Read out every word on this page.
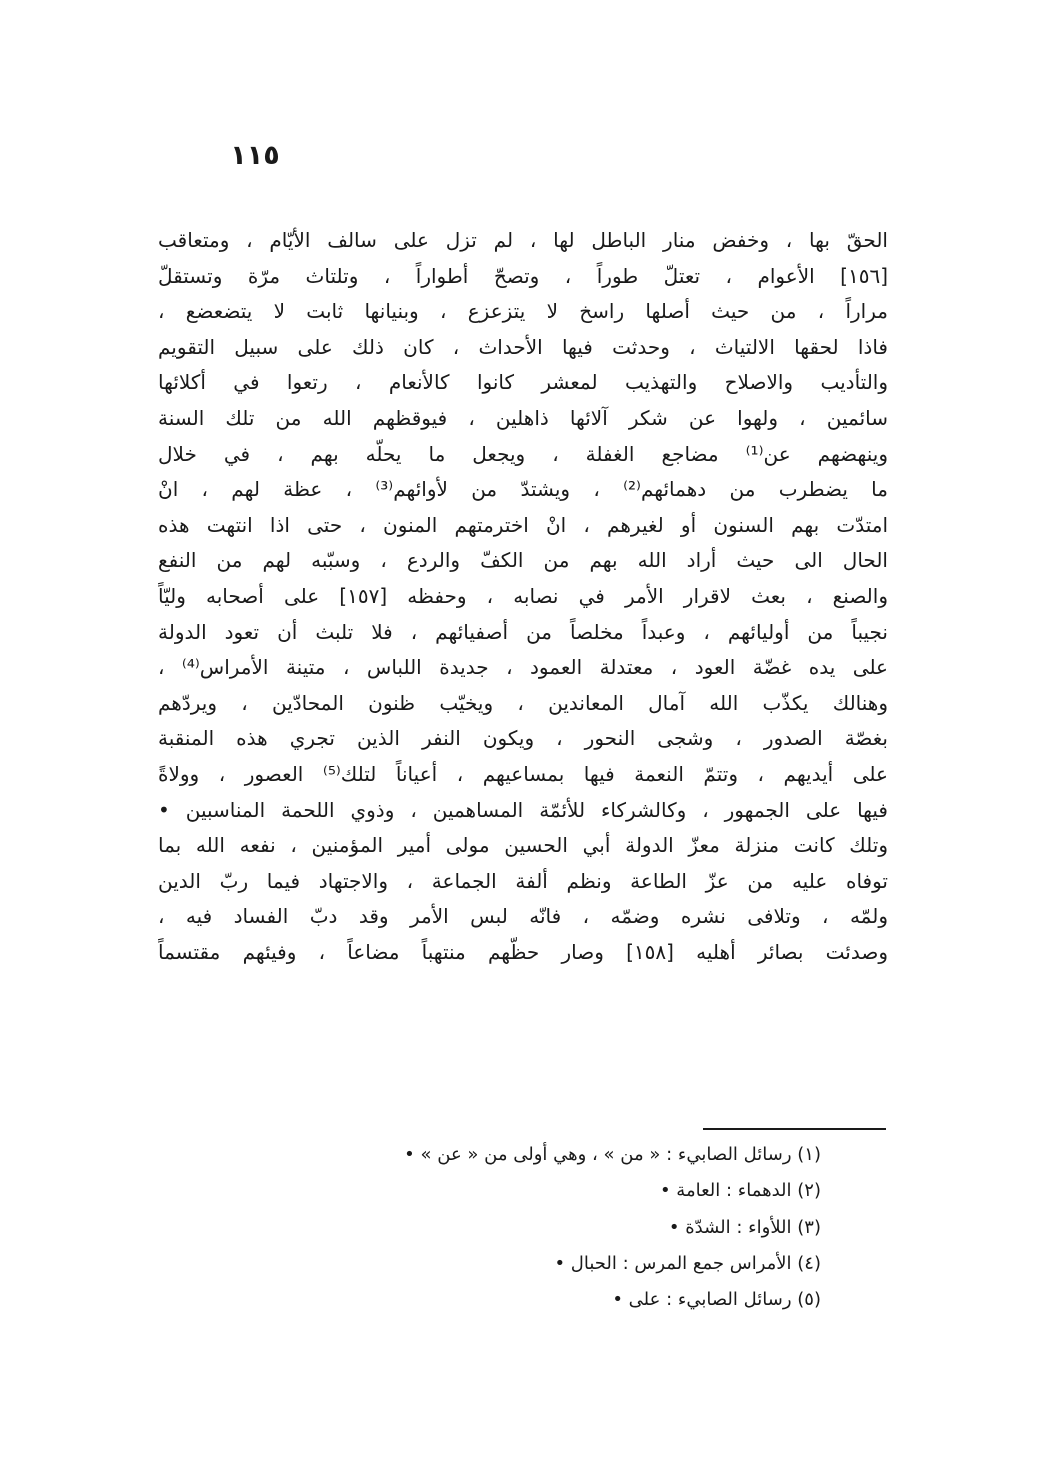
١١٥
الحقّ بها ، وخفض منار الباطل لها ، لم تزل على سالف الأيّام ، ومتعاقب
[١٥٦] الأعوام ، تعتلّ طوراً ، وتصحّ أطواراً ، وتلتاث مرّة وتستقلّ
مراراً ، من حيث أصلها راسخ لا يتزعزع ، وبنيانها ثابت لا يتضعضع ،
فاذا لحقها الالتياث ، وحدثت فيها الأحداث ، كان ذلك على سبيل التقويم
والتأديب والاصلاح والتهذيب لمعشر كانوا كالأنعام ، رتعوا في أكلائها
سائمين ، ولهوا عن شكر آلائها ذاهلين ، فيوقظهم الله من تلك السنة
وينهضهم عن⁽¹⁾ مضاجع الغفلة ، ويجعل ما يحلّه بهم ، في خلال
ما يضطرب من دهمائهم⁽²⁾ ، ويشتدّ من لأوائهم⁽³⁾ ، عظة لهم ، انْ
امتدّت بهم السنون أو لغيرهم ، انْ اخترمتهم المنون ، حتى اذا انتهت هذه
الحال الى حيث أراد الله بهم من الكفّ والردع ، وسبّبه لهم من النفع
والصنع ، بعث لاقرار الأمر في نصابه ، وحفظه [١٥٧] على أصحابه وليّاً
نجيباً من أوليائهم ، وعبداً مخلصاً من أصفيائهم ، فلا تلبث أن تعود الدولة
على يده غضّة العود ، معتدلة العمود ، جديدة اللباس ، متينة الأمراس⁽⁴⁾ ،
وهنالك يكذّب الله آمال المعاندين ، ويخيّب ظنون المحادّين ، ويردّهم
بغصّة الصدور ، وشجى النحور ، ويكون النفر الذين تجري هذه المنقبة
على أيديهم ، وتتمّ النعمة فيها بمساعيهم ، أعياناً لتلك⁽⁵⁾ العصور ، وولاةً
فيها على الجمهور ، وكالشركاء للأئمّة المساهمين ، وذوي اللحمة المناسبين •
وتلك كانت منزلة معزّ الدولة أبي الحسين مولى أمير المؤمنين ، نفعه الله بما
توفاه عليه من عزّ الطاعة ونظم ألفة الجماعة ، والاجتهاد فيما ربّ الدين
ولمّه ، وتلافى نشره وضمّه ، فانّه لبس الأمر وقد دبّ الفساد فيه ،
وصدئت بصائر أهليه [١٥٨] وصار حظّهم منتهباً مضاعاً ، وفيئهم مقتسماً
(١) رسائل الصابيء : « من » ، وهي أولى من « عن » •
(٢) الدهماء : العامة •
(٣) اللأواء : الشدّة •
(٤) الأمراس جمع المرس : الحبال •
(٥) رسائل الصابيء : على •
